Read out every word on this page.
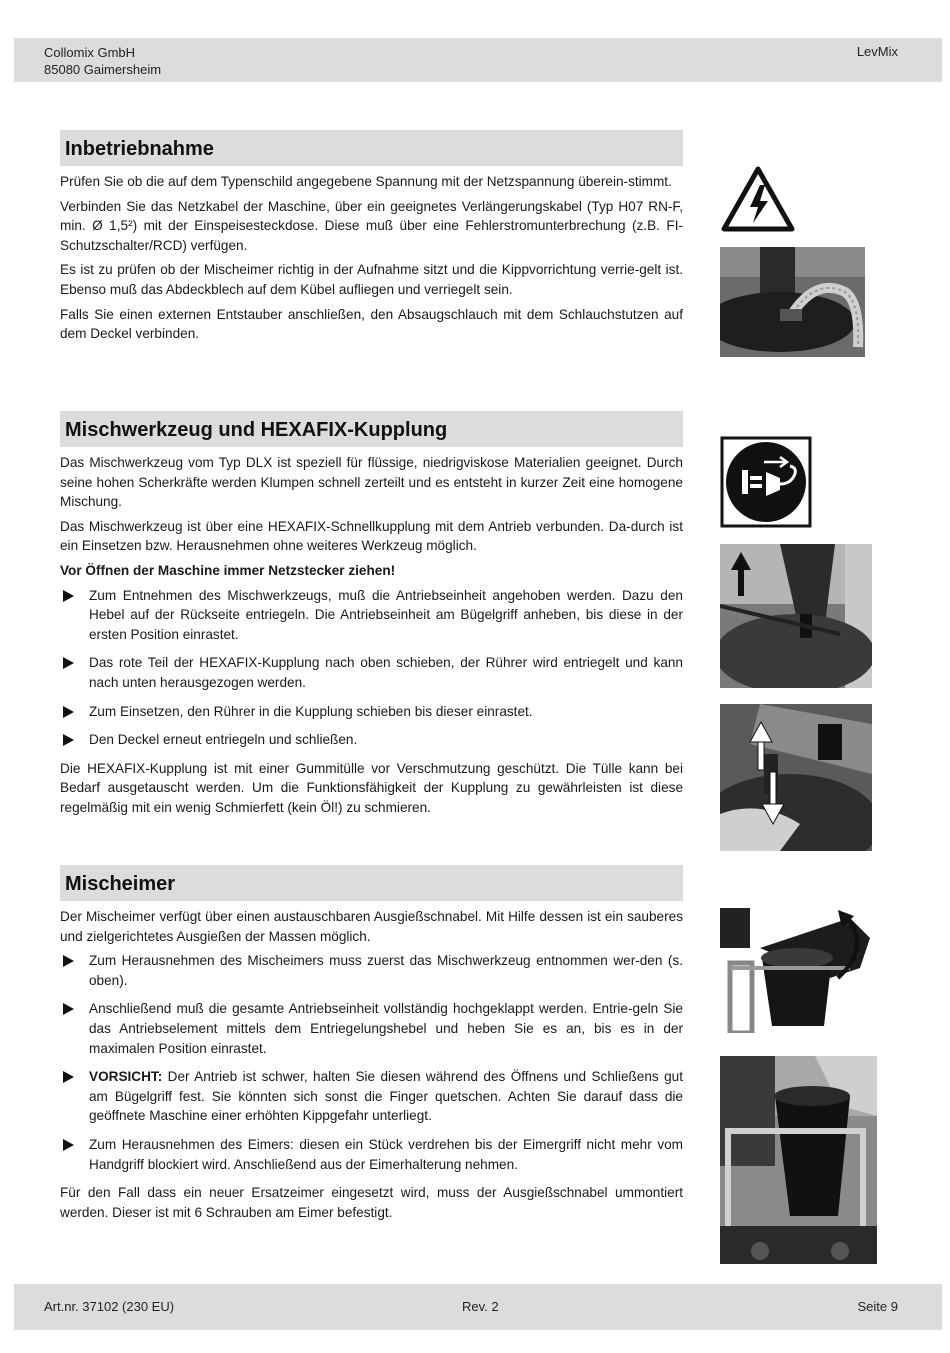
Collomix GmbH
85080 Gaimersheim
LevMix
Inbetriebnahme

Prüfen Sie ob die auf dem Typenschild angegebene Spannung mit der Netzspannung überein-stimmt.

Verbinden Sie das Netzkabel der Maschine, über ein geeignetes Verlängerungskabel (Typ H07 RN-F, min. Ø 1,5²) mit der Einspeisesteckdose. Diese muß über eine Fehlerstromunterbrechung (z.B. FI-Schutzschalter/RCD) verfügen.

Es ist zu prüfen ob der Mischeimer richtig in der Aufnahme sitzt und die Kippvorrichtung verrie-gelt ist. Ebenso muß das Abdeckblech auf dem Kübel aufliegen und verriegelt sein.

Falls Sie einen externen Entstauber anschließen, den Absaugschlauch mit dem Schlauchstutzen auf dem Deckel verbinden.

Mischwerkzeug und HEXAFIX-Kupplung

Das Mischwerkzeug vom Typ DLX ist speziell für flüssige, niedrigviskose Materialien geeignet. Durch seine hohen Scherkräfte werden Klumpen schnell zerteilt und es entsteht in kurzer Zeit eine homogene Mischung.

Das Mischwerkzeug ist über eine HEXAFIX-Schnellkupplung mit dem Antrieb verbunden. Da-durch ist ein Einsetzen bzw. Herausnehmen ohne weiteres Werkzeug möglich.

Vor Öffnen der Maschine immer Netzstecker ziehen!

Zum Entnehmen des Mischwerkzeugs, muß die Antriebseinheit angehoben werden. Dazu den Hebel auf der Rückseite entriegeln. Die Antriebseinheit am Bügelgriff anheben, bis diese in der ersten Position einrastet.
Das rote Teil der HEXAFIX-Kupplung nach oben schieben, der Rührer wird entriegelt und kann nach unten herausgezogen werden.
Zum Einsetzen, den Rührer in die Kupplung schieben bis dieser einrastet.
Den Deckel erneut entriegeln und schließen.

Die HEXAFIX-Kupplung ist mit einer Gummitülle vor Verschmutzung geschützt. Die Tülle kann bei Bedarf ausgetauscht werden. Um die Funktionsfähigkeit der Kupplung zu gewährleisten ist diese regelmäßig mit ein wenig Schmierfett (kein Öl!) zu schmieren.

Mischeimer

Der Mischeimer verfügt über einen austauschbaren Ausgießschnabel. Mit Hilfe dessen ist ein sauberes und zielgerichtetes Ausgießen der Massen möglich.

Zum Herausnehmen des Mischeimers muss zuerst das Mischwerkzeug entnommen wer-den (s. oben).
Anschließend muß die gesamte Antriebseinheit vollständig hochgeklappt werden. Entrie-geln Sie das Antriebselement mittels dem Entriegelungshebel und heben Sie es an, bis es in der maximalen Position einrastet.
VORSICHT: Der Antrieb ist schwer, halten Sie diesen während des Öffnens und Schließens gut am Bügelgriff fest. Sie könnten sich sonst die Finger quetschen. Achten Sie darauf dass die geöffnete Maschine einer erhöhten Kippgefahr unterliegt.
Zum Herausnehmen des Eimers: diesen ein Stück verdrehen bis der Eimergriff nicht mehr vom Handgriff blockiert wird. Anschließend aus der Eimerhalterung nehmen.

Für den Fall dass ein neuer Ersatzeimer eingesetzt wird, muss der Ausgießschnabel ummontiert werden. Dieser ist mit 6 Schrauben am Eimer befestigt.

Art.nr. 37102 (230 EU)	Rev. 2	Seite 9
